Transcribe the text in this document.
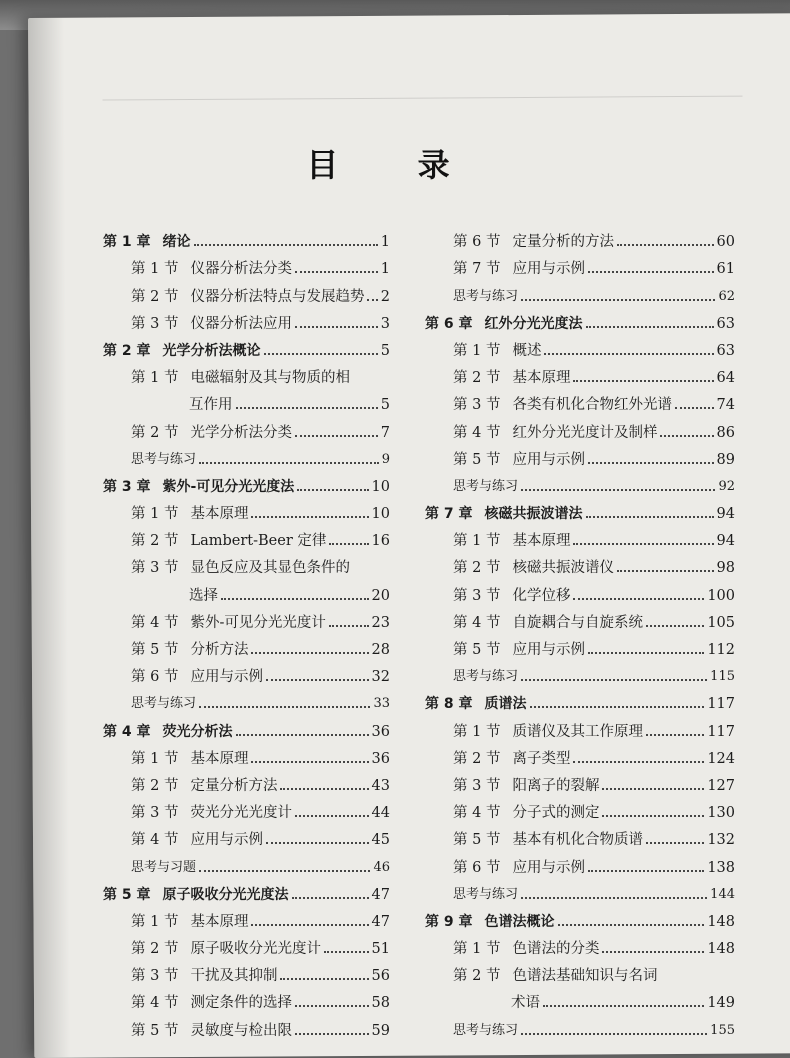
目 录
第 1 章 绪论	1
第 1 节 仪器分析法分类	1
第 2 节 仪器分析法特点与发展趋势 2
第 3 节 仪器分析法应用	3
第 2 章 光学分析法概论	5
第 1 节 电磁辐射及其与物质的相
互作用	5
第 2 节 光学分析法分类	7
思考与练习	9
第 3 章 紫外-可见分光光度法	10
第 1 节 基本原理	10
第 2 节 Lambert-Beer 定律	16
第 3 节 显色反应及其显色条件的
选择	20
第 4 节 紫外-可见分光光度计	23
第 5 节 分析方法	28
第 6 节 应用与示例	32
思考与练习	33
第 4 章 荧光分析法	36
第 1 节 基本原理	36
第 2 节 定量分析方法	43
第 3 节 荧光分光光度计	44
第 4 节 应用与示例	45
思考与习题	46
第 5 章 原子吸收分光光度法	47
第 1 节 基本原理	47
第 2 节 原子吸收分光光度计	51
第 3 节 干扰及其抑制	56
第 4 节 测定条件的选择	58
第 5 节 灵敏度与检出限	59
第 6 节 定量分析的方法	60
第 7 节 应用与示例	61
思考与练习	62
第 6 章 红外分光光度法	63
第 1 节 概述	63
第 2 节 基本原理	64
第 3 节 各类有机化合物红外光谱	74
第 4 节 红外分光光度计及制样	86
第 5 节 应用与示例	89
思考与练习	92
第 7 章 核磁共振波谱法	94
第 1 节 基本原理	94
第 2 节 核磁共振波谱仪	98
第 3 节 化学位移	100
第 4 节 自旋耦合与自旋系统	105
第 5 节 应用与示例	112
思考与练习	115
第 8 章 质谱法	117
第 1 节 质谱仪及其工作原理	117
第 2 节 离子类型	124
第 3 节 阳离子的裂解	127
第 4 节 分子式的测定	130
第 5 节 基本有机化合物质谱	132
第 6 节 应用与示例	138
思考与练习	144
第 9 章 色谱法概论	148
第 1 节 色谱法的分类	148
第 2 节 色谱法基础知识与名词
术语	149
思考与练习	155
